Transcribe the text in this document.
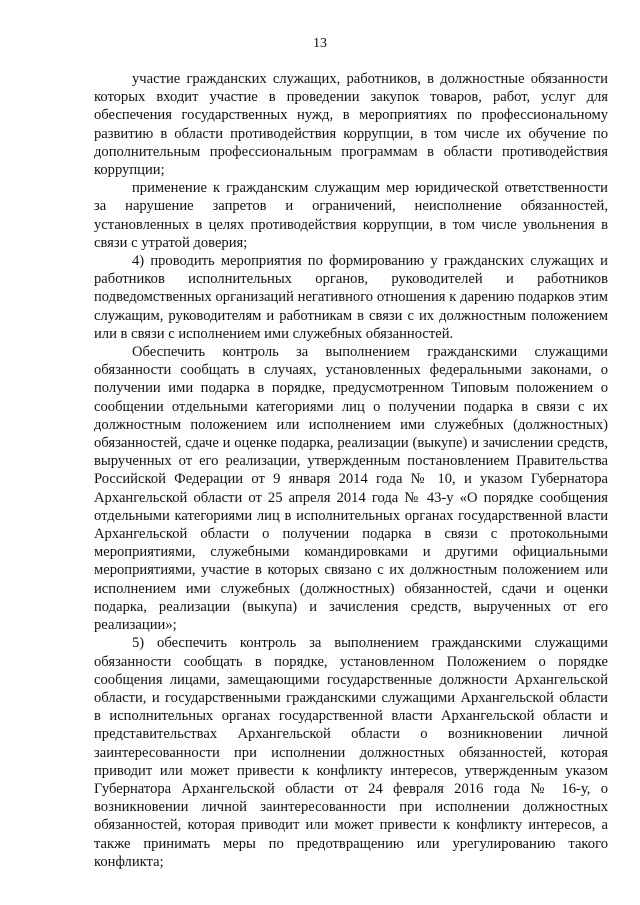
13

участие гражданских служащих, работников, в должностные обязанности которых входит участие в проведении закупок товаров, работ, услуг для обеспечения государственных нужд, в мероприятиях по профессиональному развитию в области противодействия коррупции, в том числе их обучение по дополнительным профессиональным программам в области противодействия коррупции;

применение к гражданским служащим мер юридической ответственности за нарушение запретов и ограничений, неисполнение обязанностей, установленных в целях противодействия коррупции, в том числе увольнения в связи с утратой доверия;

4) проводить мероприятия по формированию у гражданских служащих и работников исполнительных органов, руководителей и работников подведомственных организаций негативного отношения к дарению подарков этим служащим, руководителям и работникам в связи с их должностным положением или в связи с исполнением ими служебных обязанностей.

Обеспечить контроль за выполнением гражданскими служащими обязанности сообщать в случаях, установленных федеральными законами, о получении ими подарка в порядке, предусмотренном Типовым положением о сообщении отдельными категориями лиц о получении подарка в связи с их должностным положением или исполнением ими служебных (должностных) обязанностей, сдаче и оценке подарка, реализации (выкупе) и зачислении средств, вырученных от его реализации, утвержденным постановлением Правительства Российской Федерации от 9 января 2014 года № 10, и указом Губернатора Архангельской области от 25 апреля 2014 года № 43-у «О порядке сообщения отдельными категориями лиц в исполнительных органах государственной власти Архангельской области о получении подарка в связи с протокольными мероприятиями, служебными командировками и другими официальными мероприятиями, участие в которых связано с их должностным положением или исполнением ими служебных (должностных) обязанностей, сдачи и оценки подарка, реализации (выкупа) и зачисления средств, вырученных от его реализации»;

5) обеспечить контроль за выполнением гражданскими служащими обязанности сообщать в порядке, установленном Положением о порядке сообщения лицами, замещающими государственные должности Архангельской области, и государственными гражданскими служащими Архангельской области в исполнительных органах государственной власти Архангельской области и представительствах Архангельской области о возникновении личной заинтересованности при исполнении должностных обязанностей, которая приводит или может привести к конфликту интересов, утвержденным указом Губернатора Архангельской области от 24 февраля 2016 года № 16-у, о возникновении личной заинтересованности при исполнении должностных обязанностей, которая приводит или может привести к конфликту интересов, а также принимать меры по предотвращению или урегулированию такого конфликта;
